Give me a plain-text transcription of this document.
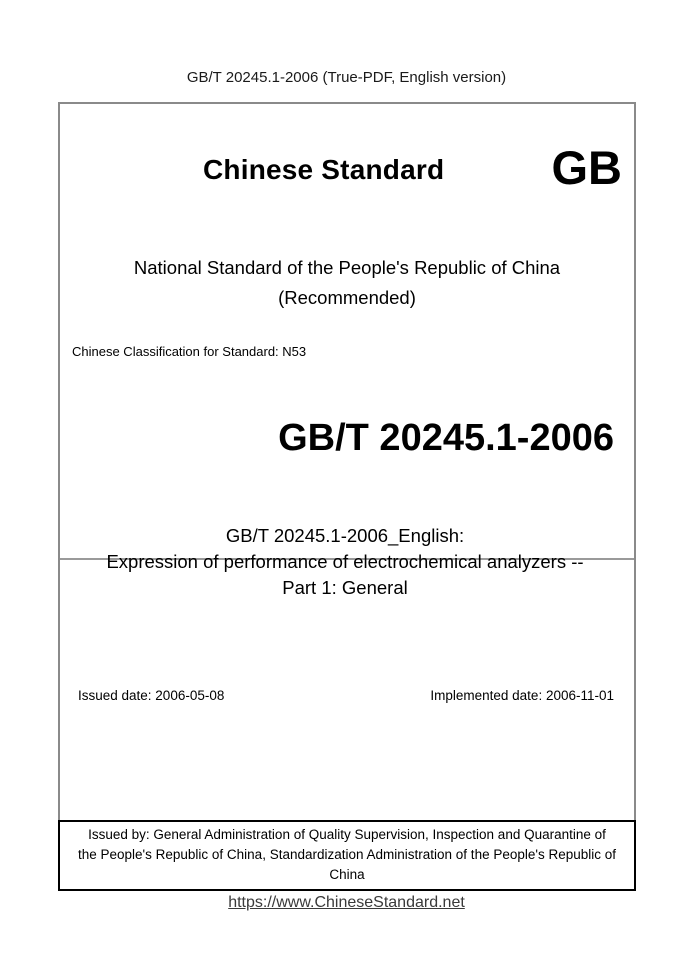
GB/T 20245.1-2006 (True-PDF, English version)
Chinese Standard GB
National Standard of the People's Republic of China
(Recommended)
Chinese Classification for Standard: N53
GB/T 20245.1-2006
GB/T 20245.1-2006_English:
Expression of performance of electrochemical analyzers --
Part 1: General
Issued date: 2006-05-08	Implemented date: 2006-11-01
Issued by: General Administration of Quality Supervision, Inspection and Quarantine of
the People's Republic of China, Standardization Administration of the People's Republic of
China
https://www.ChineseStandard.net
